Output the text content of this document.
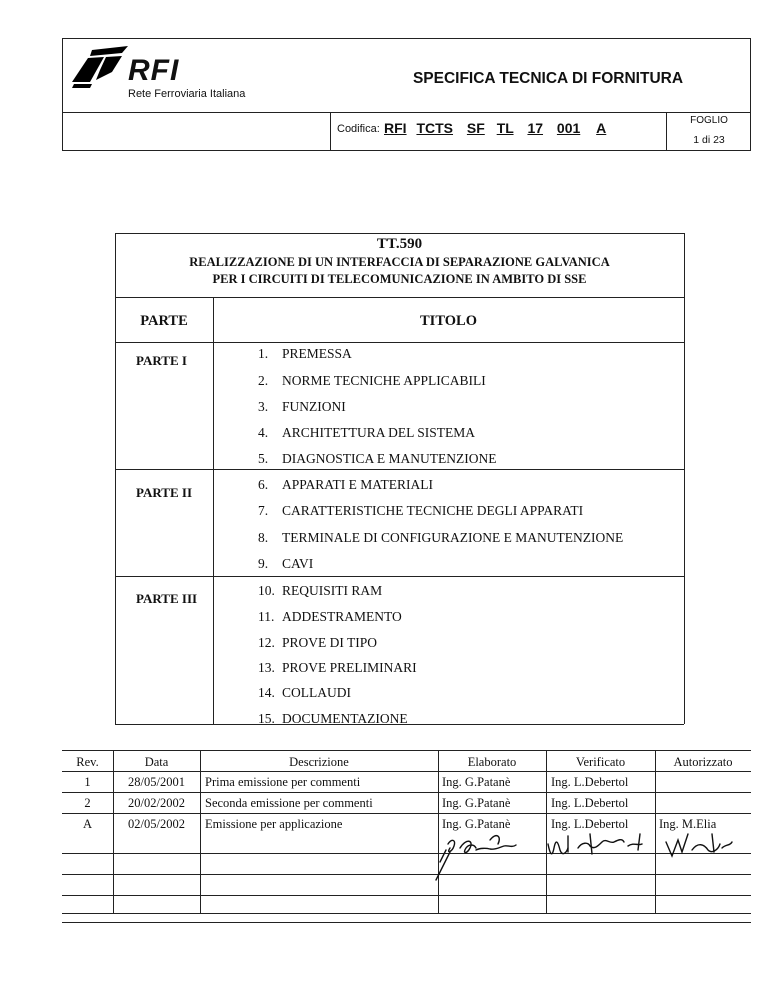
RFI
Rete Ferroviaria Italiana
SPECIFICA TECNICA DI FORNITURA
Codifica: RFI TCTS SF TL 17 001 A	FOGLIO
1 di 23
TT.590
REALIZZAZIONE DI UN INTERFACCIA DI SEPARAZIONE GALVANICA
PER I CIRCUITI DI TELECOMUNICAZIONE IN AMBITO DI SSE
PARTE	TITOLO
PARTE I	1. PREMESSA
2. NORME TECNICHE APPLICABILI
3. FUNZIONI
4. ARCHITETTURA DEL SISTEMA
5. DIAGNOSTICA E MANUTENZIONE
PARTE II
6. APPARATI E MATERIALI
7. CARATTERISTICHE TECNICHE DEGLI APPARATI
8. TERMINALE DI CONFIGURAZIONE E MANUTENZIONE
9. CAVI
PARTE III
10. REQUISITI RAM
11. ADDESTRAMENTO
12. PROVE DI TIPO
13. PROVE PRELIMINARI
14. COLLAUDI
15. DOCUMENTAZIONE
Rev.	Data	Descrizione	Elaborato	Verificato	Autorizzato
1	28/05/2001	Prima emissione per commenti	Ing. G.Patanè	Ing. L.Debertol
2	20/02/2002	Seconda emissione per commenti	Ing. G.Patanè	Ing. L.Debertol
A	02/05/2002	Emissione per applicazione	Ing. G.Patanè	Ing. L.Debertol Ing. M.Elia
